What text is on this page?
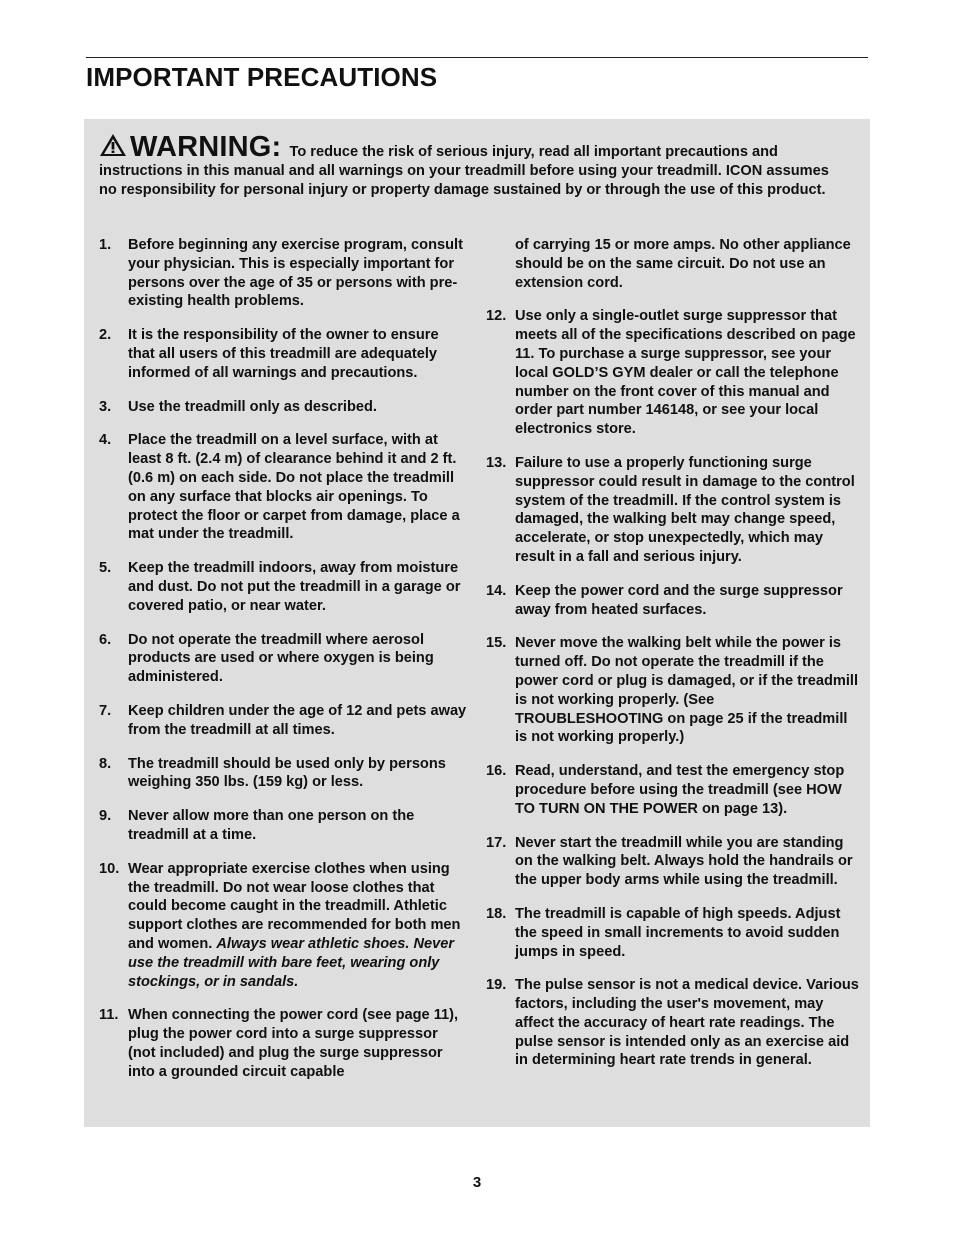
IMPORTANT PRECAUTIONS
WARNING: To reduce the risk of serious injury, read all important precautions and instructions in this manual and all warnings on your treadmill before using your treadmill. ICON assumes no responsibility for personal injury or property damage sustained by or through the use of this product.
1. Before beginning any exercise program, consult your physician. This is especially important for persons over the age of 35 or persons with pre-existing health problems.
2. It is the responsibility of the owner to ensure that all users of this treadmill are adequately informed of all warnings and precautions.
3. Use the treadmill only as described.
4. Place the treadmill on a level surface, with at least 8 ft. (2.4 m) of clearance behind it and 2 ft. (0.6 m) on each side. Do not place the treadmill on any surface that blocks air openings. To protect the floor or carpet from damage, place a mat under the treadmill.
5. Keep the treadmill indoors, away from moisture and dust. Do not put the treadmill in a garage or covered patio, or near water.
6. Do not operate the treadmill where aerosol products are used or where oxygen is being administered.
7. Keep children under the age of 12 and pets away from the treadmill at all times.
8. The treadmill should be used only by persons weighing 350 lbs. (159 kg) or less.
9. Never allow more than one person on the treadmill at a time.
10. Wear appropriate exercise clothes when using the treadmill. Do not wear loose clothes that could become caught in the treadmill. Athletic support clothes are recommended for both men and women. Always wear athletic shoes. Never use the treadmill with bare feet, wearing only stockings, or in sandals.
11. When connecting the power cord (see page 11), plug the power cord into a surge suppressor (not included) and plug the surge suppressor into a grounded circuit capable
of carrying 15 or more amps. No other appliance should be on the same circuit. Do not use an extension cord.
12. Use only a single-outlet surge suppressor that meets all of the specifications described on page 11. To purchase a surge suppressor, see your local GOLD’S GYM dealer or call the telephone number on the front cover of this manual and order part number 146148, or see your local electronics store.
13. Failure to use a properly functioning surge suppressor could result in damage to the control system of the treadmill. If the control system is damaged, the walking belt may change speed, accelerate, or stop unexpectedly, which may result in a fall and serious injury.
14. Keep the power cord and the surge suppressor away from heated surfaces.
15. Never move the walking belt while the power is turned off. Do not operate the treadmill if the power cord or plug is damaged, or if the treadmill is not working properly. (See TROUBLESHOOTING on page 25 if the treadmill is not working properly.)
16. Read, understand, and test the emergency stop procedure before using the treadmill (see HOW TO TURN ON THE POWER on page 13).
17. Never start the treadmill while you are standing on the walking belt. Always hold the handrails or the upper body arms while using the treadmill.
18. The treadmill is capable of high speeds. Adjust the speed in small increments to avoid sudden jumps in speed.
19. The pulse sensor is not a medical device. Various factors, including the user's movement, may affect the accuracy of heart rate readings. The pulse sensor is intended only as an exercise aid in determining heart rate trends in general.
3
